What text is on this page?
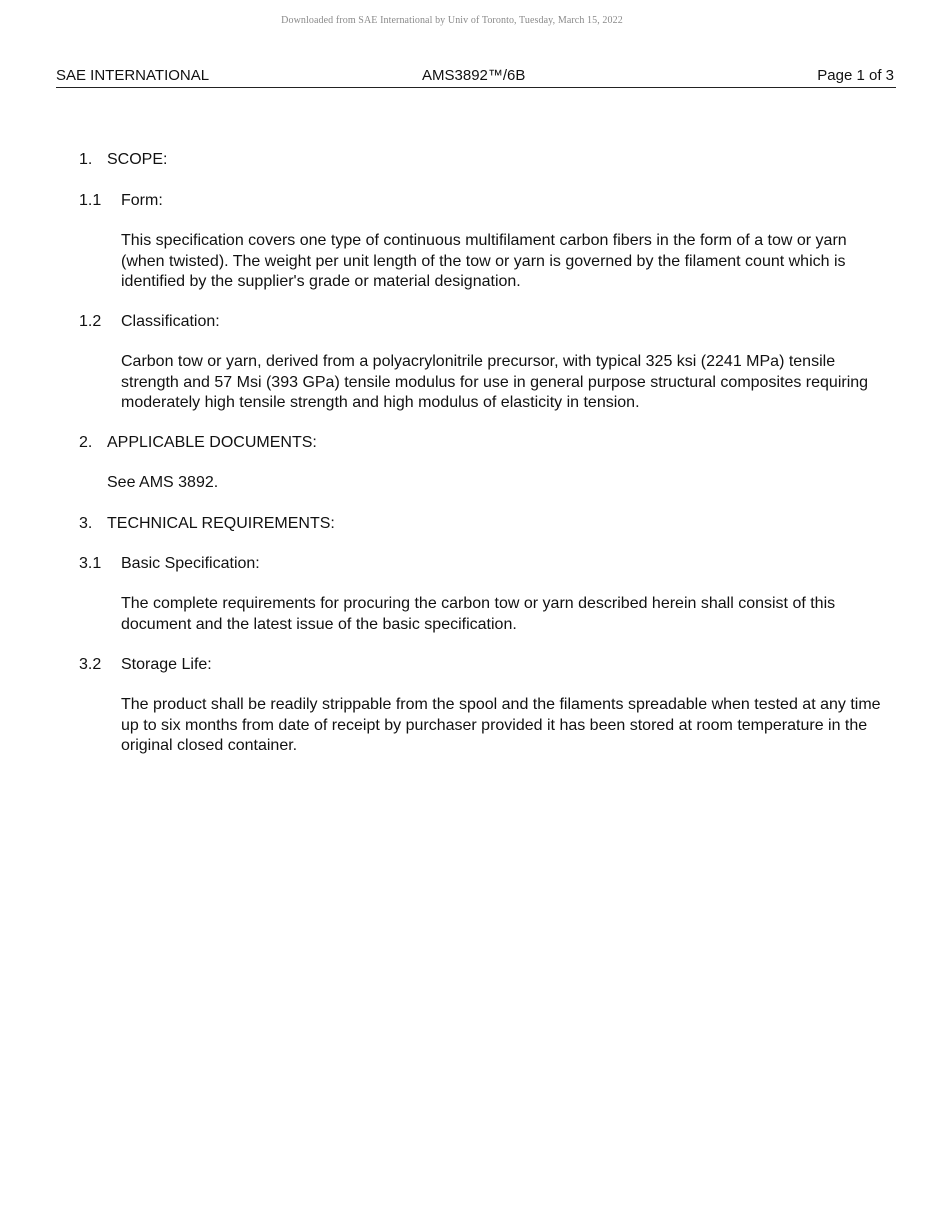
Downloaded from SAE International by Univ of Toronto, Tuesday, March 15, 2022
SAE INTERNATIONAL	AMS3892™/6B	Page 1 of 3
1. SCOPE:
1.1 Form:
This specification covers one type of continuous multifilament carbon fibers in the form of a tow or yarn (when twisted). The weight per unit length of the tow or yarn is governed by the filament count which is identified by the supplier's grade or material designation.
1.2 Classification:
Carbon tow or yarn, derived from a polyacrylonitrile precursor, with typical 325 ksi (2241 MPa) tensile strength and 57 Msi (393 GPa) tensile modulus for use in general purpose structural composites requiring moderately high tensile strength and high modulus of elasticity in tension.
2. APPLICABLE DOCUMENTS:
See AMS 3892.
3. TECHNICAL REQUIREMENTS:
3.1 Basic Specification:
The complete requirements for procuring the carbon tow or yarn described herein shall consist of this document and the latest issue of the basic specification.
3.2 Storage Life:
The product shall be readily strippable from the spool and the filaments spreadable when tested at any time up to six months from date of receipt by purchaser provided it has been stored at room temperature in the original closed container.
